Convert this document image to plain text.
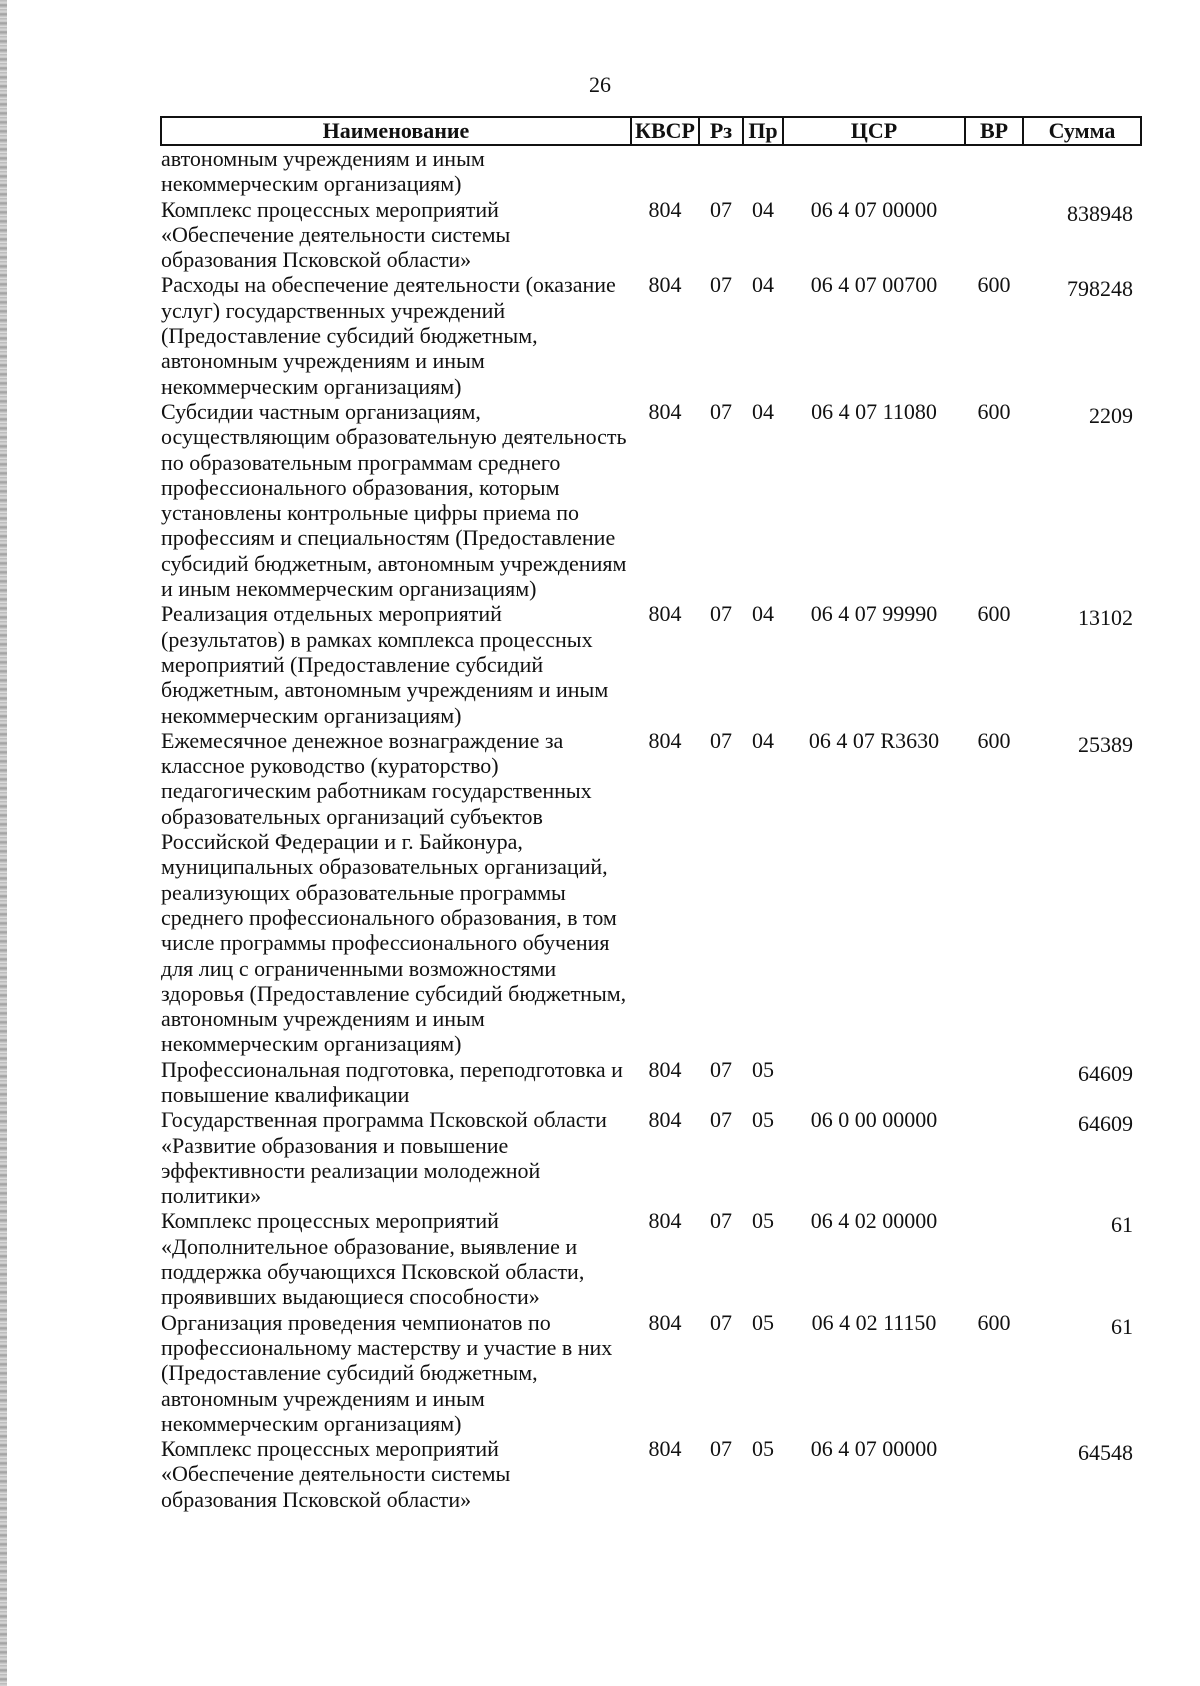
26
Наименование	КВСР	Рз	Пр	ЦСР	ВР	Сумма
автономным учреждениям и иным некоммерческим организациям)						
Комплекс процессных мероприятий «Обеспечение деятельности системы образования Псковской области»	804	07	04	06 4 07 00000		838948
Расходы на обеспечение деятельности (оказание услуг) государственных учреждений (Предоставление субсидий бюджетным, автономным учреждениям и иным некоммерческим организациям)	804	07	04	06 4 07 00700	600	798248
Субсидии частным организациям, осуществляющим образовательную деятельность по образовательным программам среднего профессионального образования, которым установлены контрольные цифры приема по профессиям и специальностям (Предоставление субсидий бюджетным, автономным учреждениям и иным некоммерческим организациям)	804	07	04	06 4 07 11080	600	2209
Реализация отдельных мероприятий (результатов) в рамках комплекса процессных мероприятий (Предоставление субсидий бюджетным, автономным учреждениям и иным некоммерческим организациям)	804	07	04	06 4 07 99990	600	13102
Ежемесячное денежное вознаграждение за классное руководство (кураторство) педагогическим работникам государственных образовательных организаций субъектов Российской Федерации и г. Байконура, муниципальных образовательных организаций, реализующих образовательные программы среднего профессионального образования, в том числе программы профессионального обучения для лиц с ограниченными возможностями здоровья (Предоставление субсидий бюджетным, автономным учреждениям и иным некоммерческим организациям)	804	07	04	06 4 07 R3630	600	25389
Профессиональная подготовка, переподготовка и повышение квалификации	804	07	05			64609
Государственная программа Псковской области «Развитие образования и повышение эффективности реализации молодежной политики»	804	07	05	06 0 00 00000		64609
Комплекс процессных мероприятий «Дополнительное образование, выявление и поддержка обучающихся Псковской области, проявивших выдающиеся способности»	804	07	05	06 4 02 00000		61
Организация проведения чемпионатов по профессиональному мастерству и участие в них (Предоставление субсидий бюджетным, автономным учреждениям и иным некоммерческим организациям)	804	07	05	06 4 02 11150	600	61
Комплекс процессных мероприятий «Обеспечение деятельности системы образования Псковской области»	804	07	05	06 4 07 00000		64548
